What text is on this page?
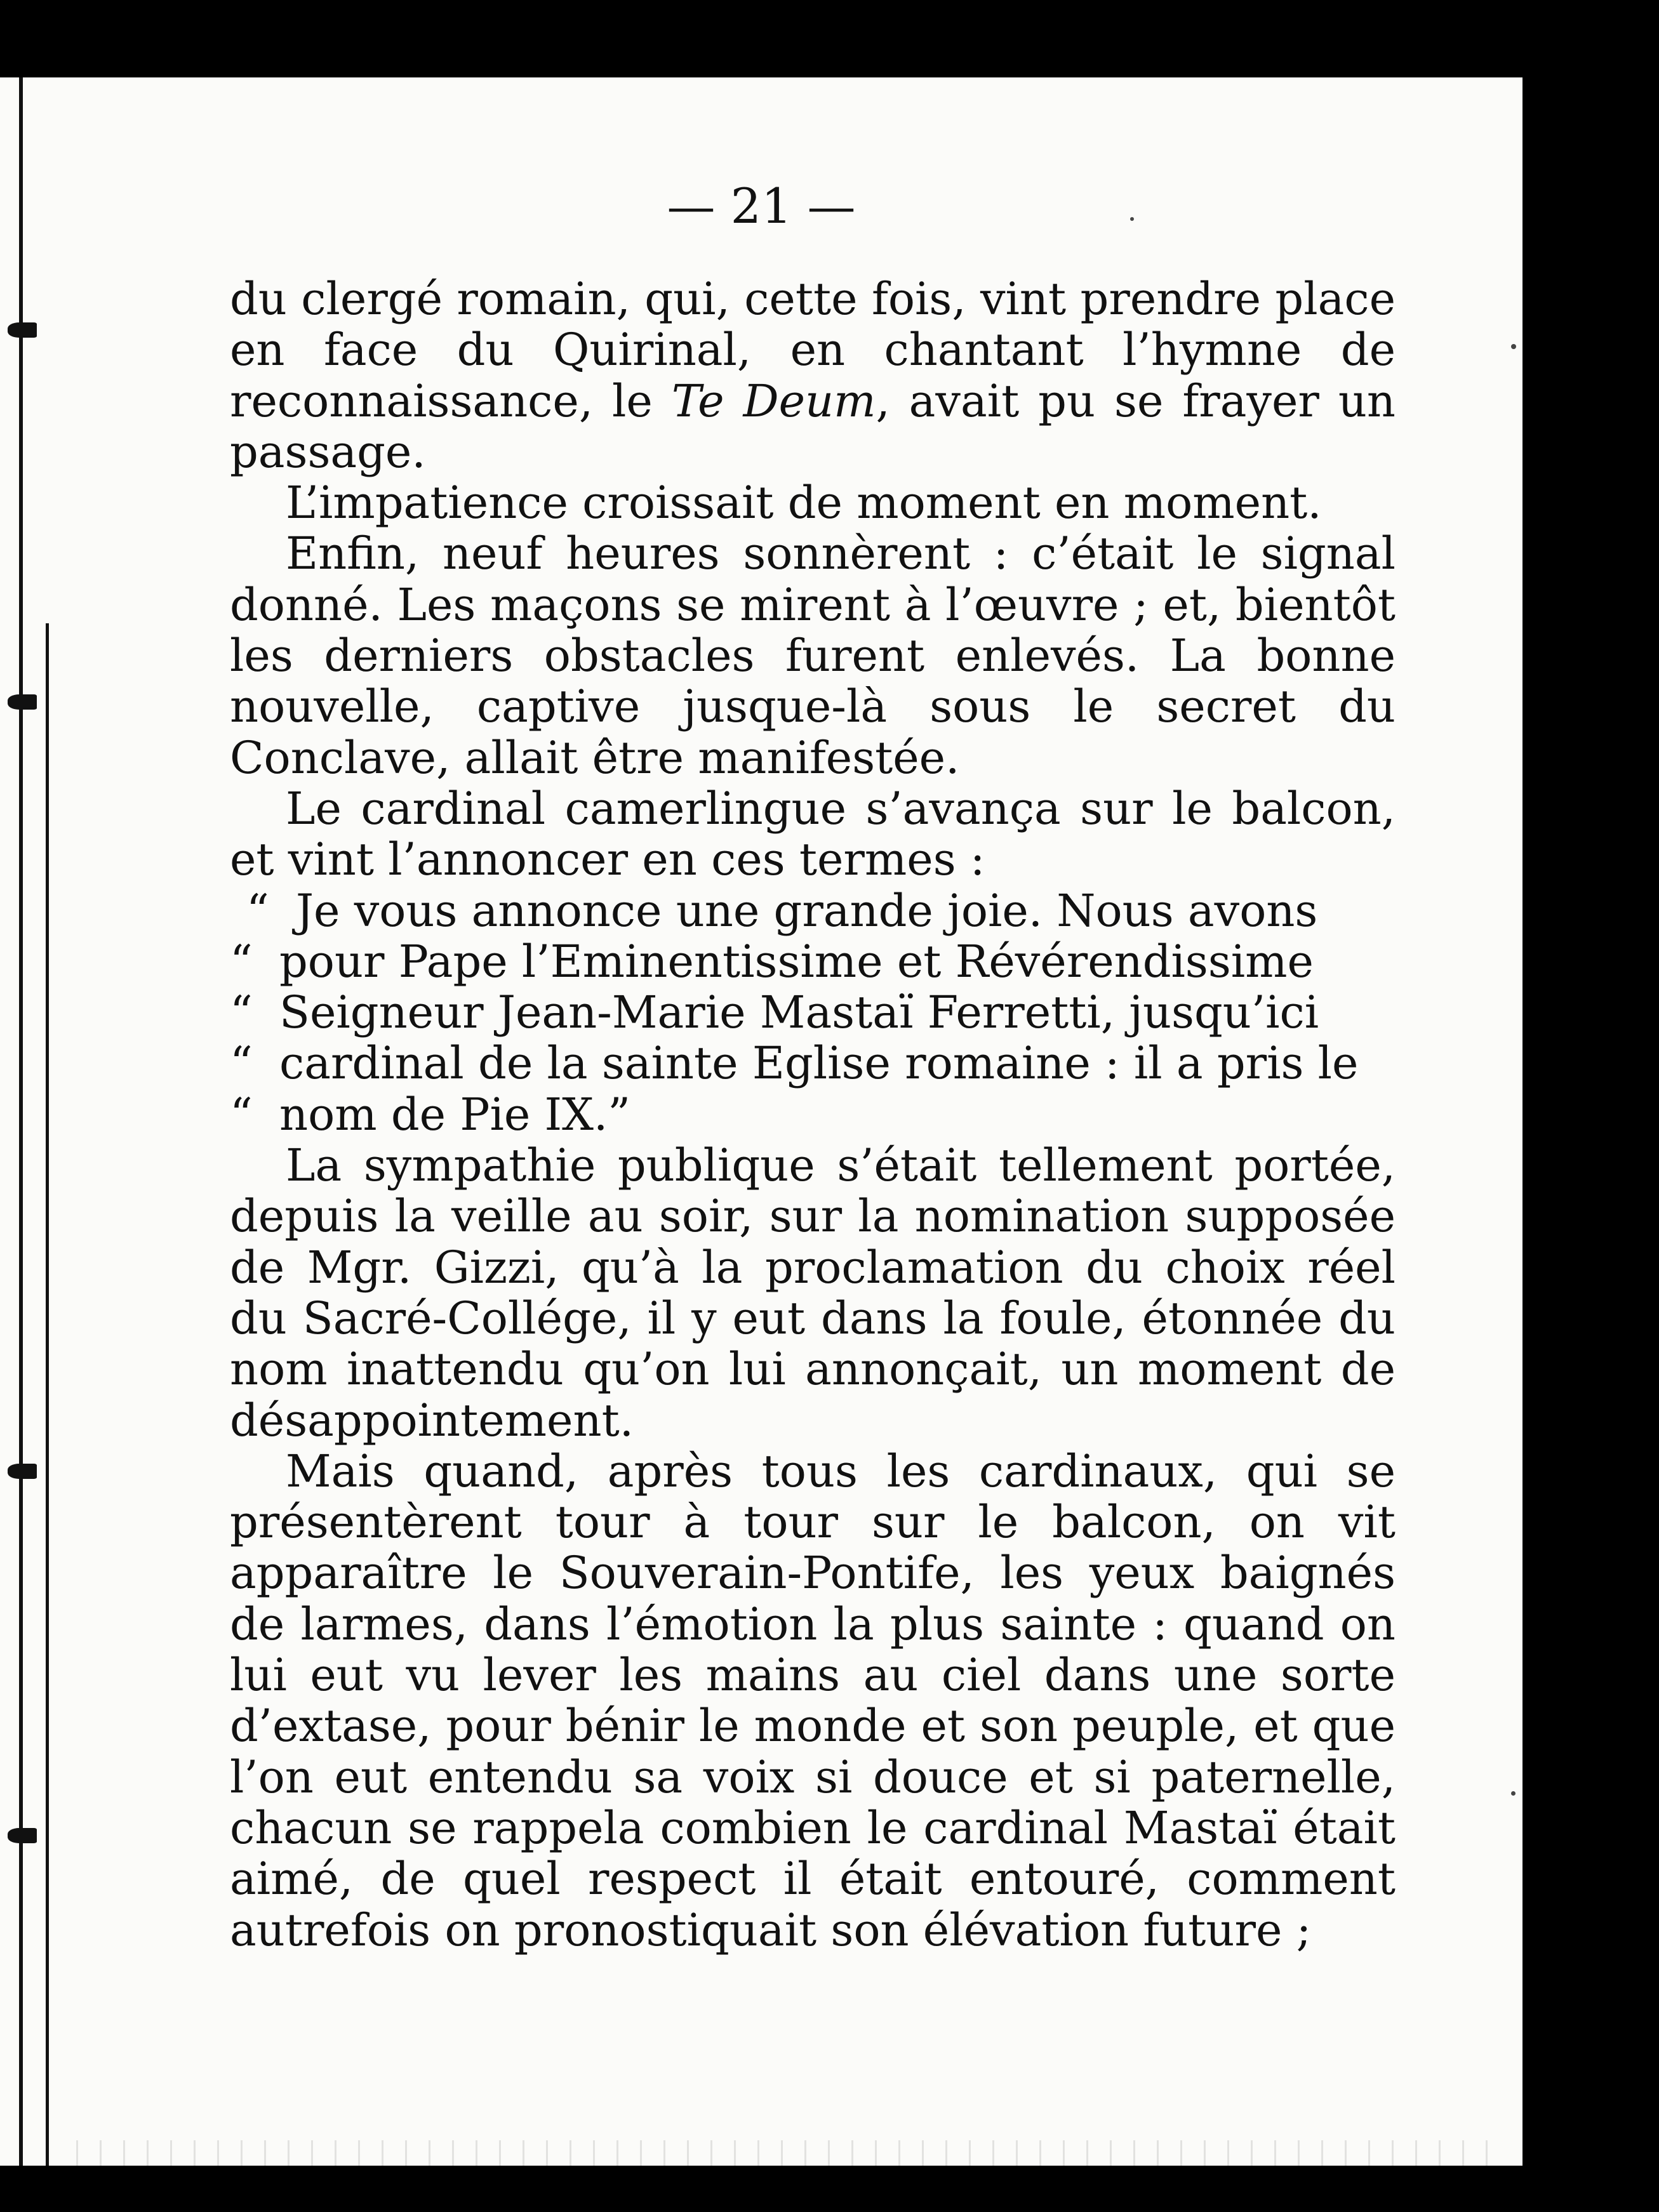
— 21 —

du clergé romain, qui, cette fois, vint prendre place en face du Quirinal, en chantant l’hymne de reconnaissance, le Te Deum, avait pu se frayer un passage.

L’impatience croissait de moment en moment.

Enfin, neuf heures sonnèrent : c’était le signal donné. Les maçons se mirent à l’œuvre ; et, bientôt les derniers obstacles furent enlevés. La bonne nouvelle, captive jusque-là sous le secret du Conclave, allait être manifestée.

Le cardinal camerlingue s’avança sur le balcon, et vint l’annoncer en ces termes :

“ Je vous annonce une grande joie. Nous avons
“ pour Pape l’Eminentissime et Révérendissime
“ Seigneur Jean-Marie Mastaï Ferretti, jusqu’ici
“ cardinal de la sainte Eglise romaine : il a pris le
“ nom de Pie IX.”

La sympathie publique s’était tellement portée, depuis la veille au soir, sur la nomination supposée de Mgr. Gizzi, qu’à la proclamation du choix réel du Sacré-Collége, il y eut dans la foule, étonnée du nom inattendu qu’on lui annonçait, un moment de désappointement.

Mais quand, après tous les cardinaux, qui se présentèrent tour à tour sur le balcon, on vit apparaître le Souverain-Pontife, les yeux baignés de larmes, dans l’émotion la plus sainte : quand on lui eut vu lever les mains au ciel dans une sorte d’extase, pour bénir le monde et son peuple, et que l’on eut entendu sa voix si douce et si paternelle, chacun se rappela combien le cardinal Mastaï était aimé, de quel respect il était entouré, comment autrefois on pronostiquait son élévation future ;
